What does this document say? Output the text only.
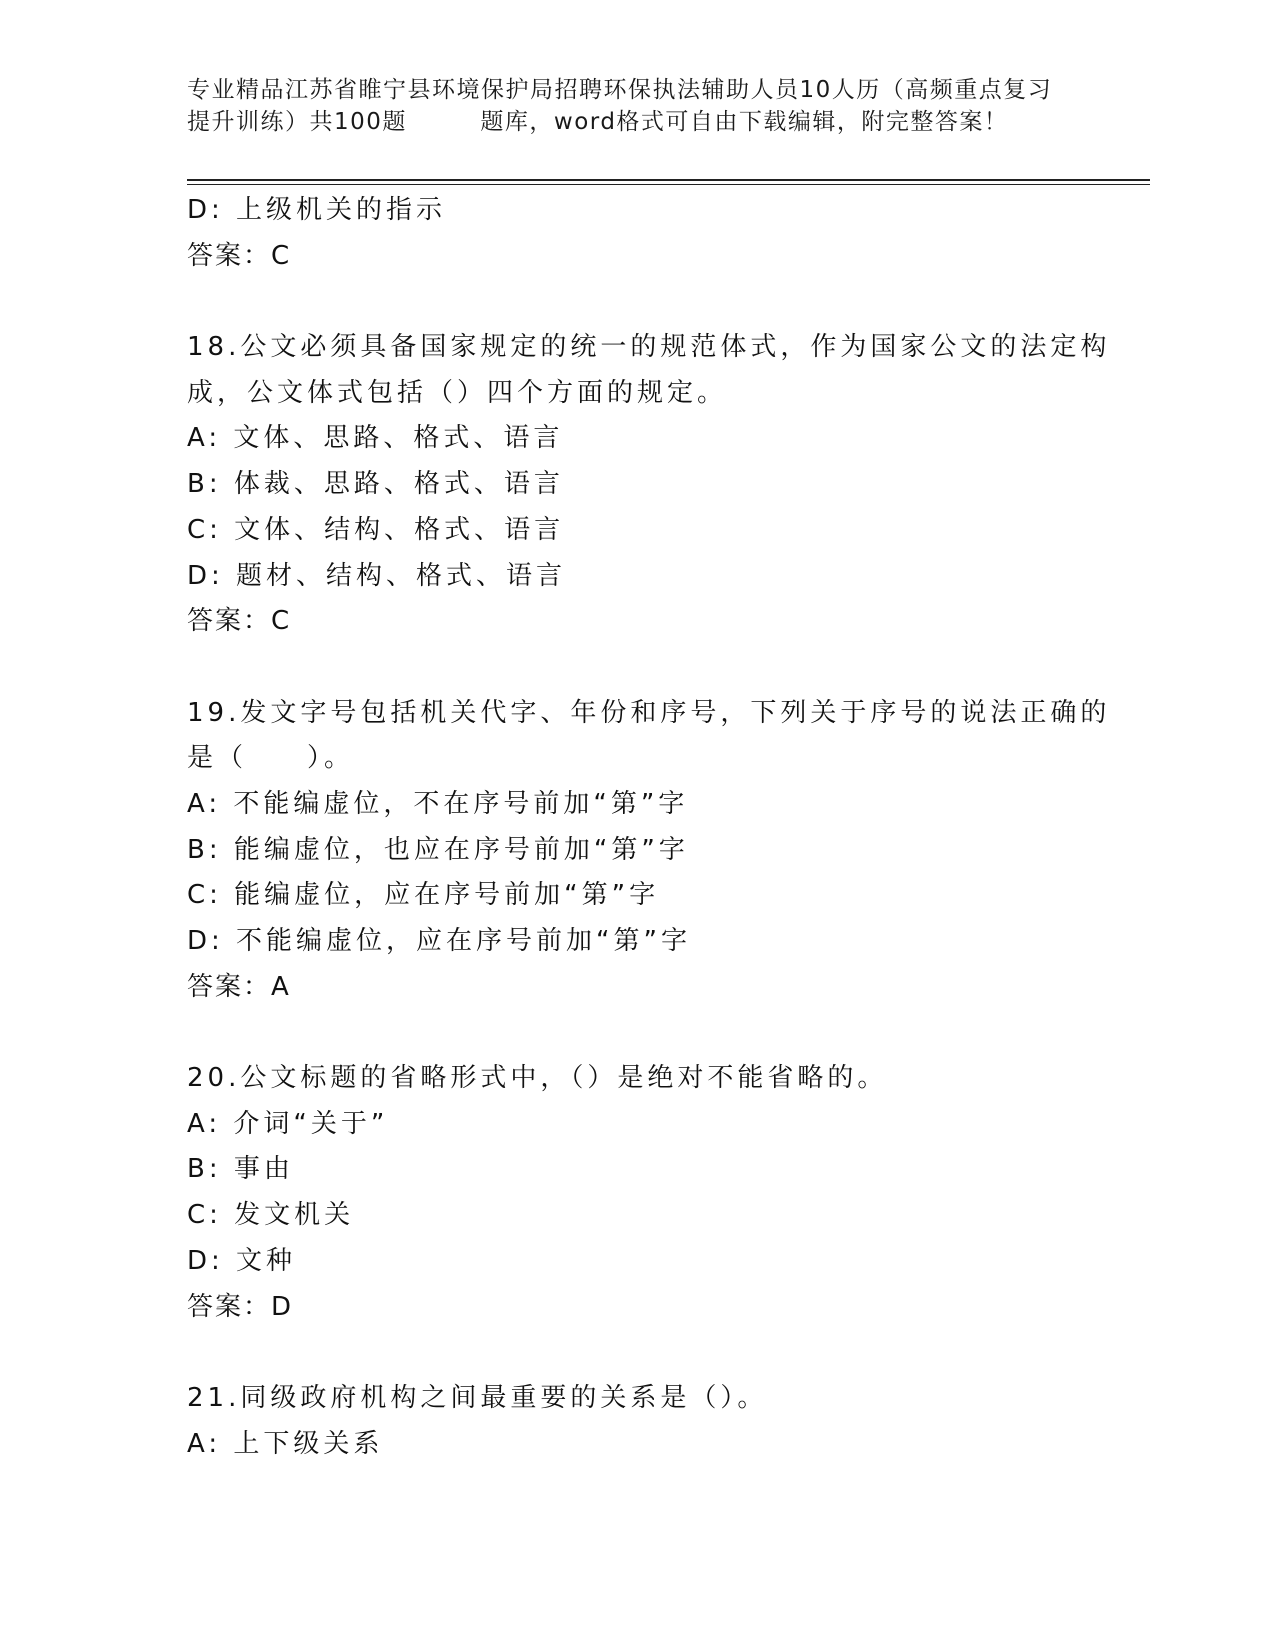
专业精品江苏省睢宁县环境保护局招聘环保执法辅助人员10人历（高频重点复习
提升训练）共100题　　　题库，word格式可自由下载编辑，附完整答案！
D: 上级机关的指示
答案：C
18.公文必须具备国家规定的统一的规范体式，作为国家公文的法定构
成，公文体式包括（）四个方面的规定。
A: 文体、思路、格式、语言
B: 体裁、思路、格式、语言
C: 文体、结构、格式、语言
D: 题材、结构、格式、语言
答案：C
19.发文字号包括机关代字、年份和序号，下列关于序号的说法正确的
是（　　）。
A: 不能编虚位，不在序号前加“第”字
B: 能编虚位，也应在序号前加“第”字
C: 能编虚位，应在序号前加“第”字
D: 不能编虚位，应在序号前加“第”字
答案：A
20.公文标题的省略形式中，（）是绝对不能省略的。
A: 介词“关于”
B: 事由
C: 发文机关
D: 文种
答案：D
21.同级政府机构之间最重要的关系是（）。
A: 上下级关系
